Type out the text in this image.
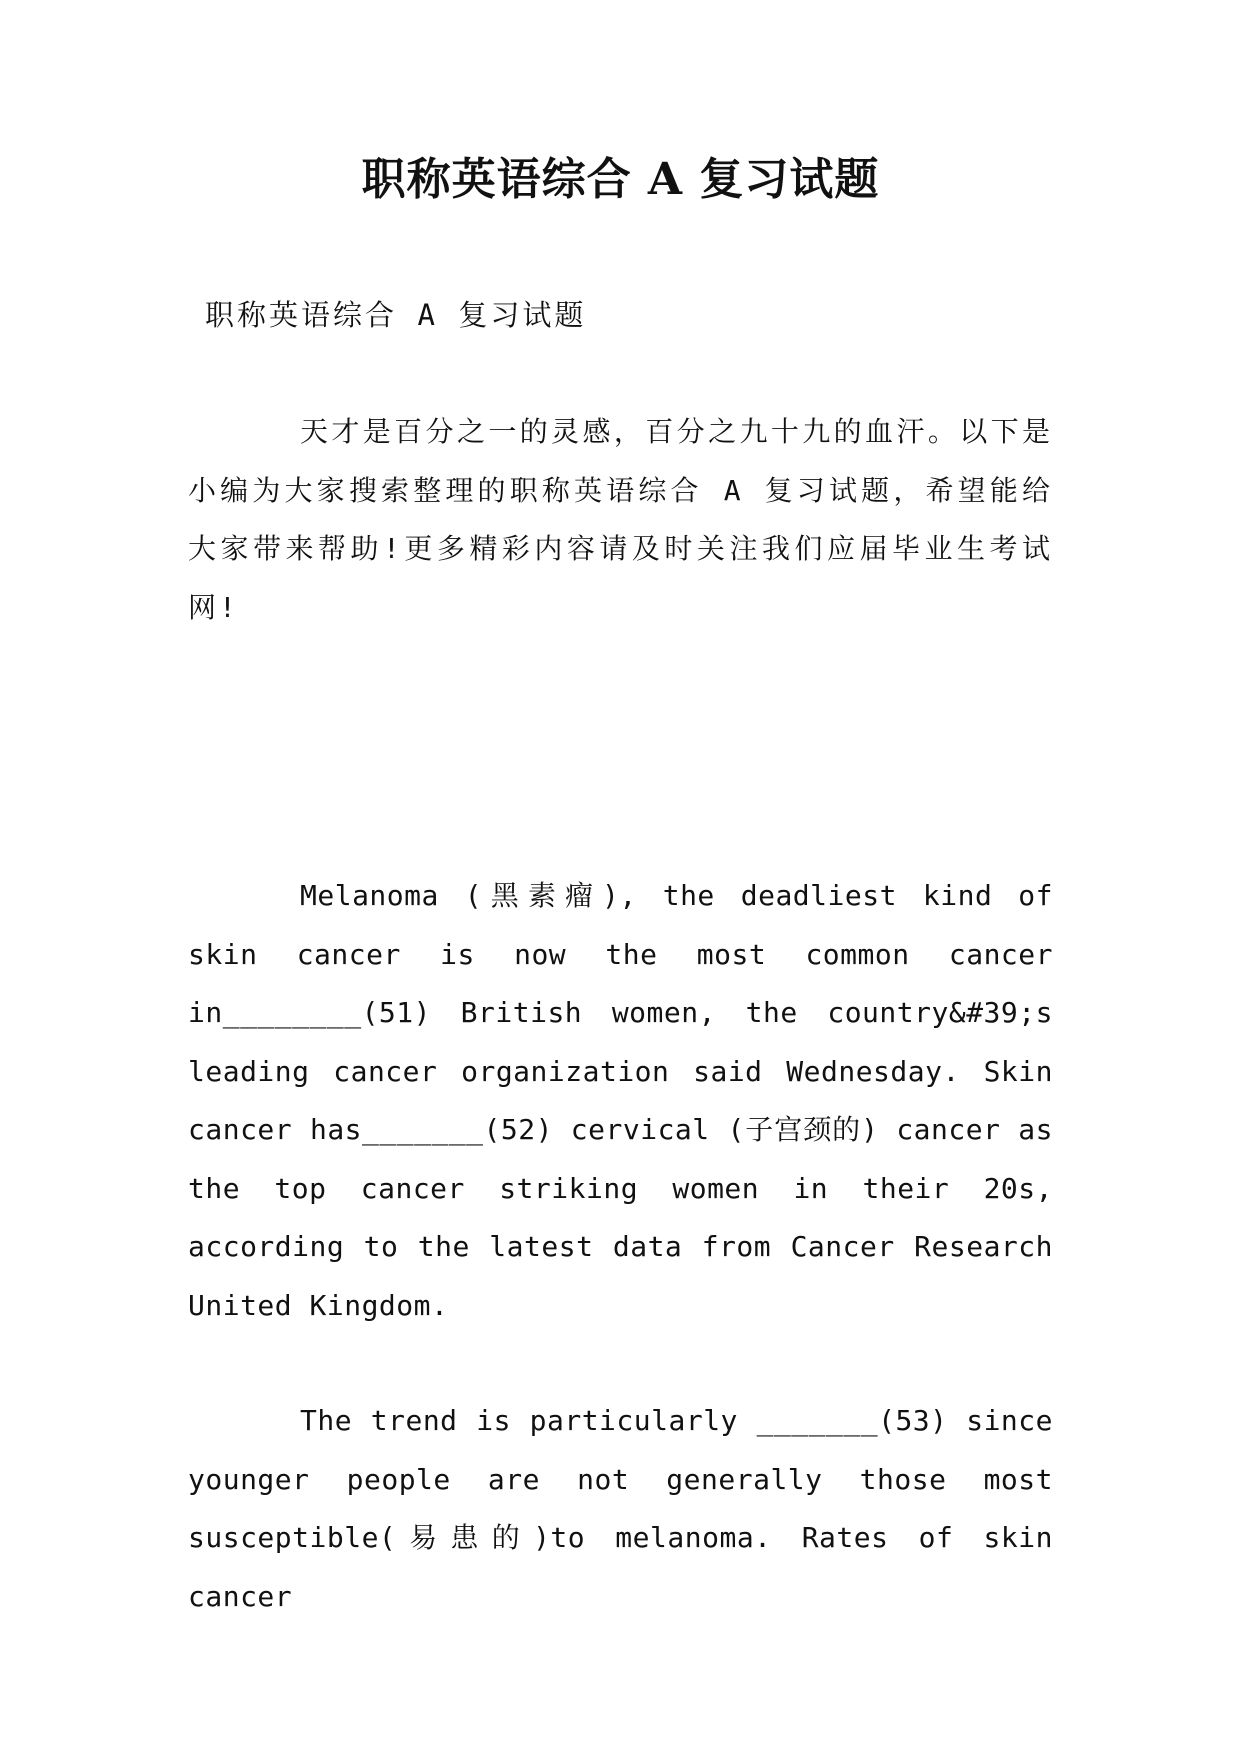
职称英语综合 A 复习试题

职称英语综合 A 复习试题

天才是百分之一的灵感，百分之九十九的血汗。以下是小编为大家搜索整理的职称英语综合 A 复习试题，希望能给大家带来帮助!更多精彩内容请及时关注我们应届毕业生考试网!

Melanoma (黑素瘤), the deadliest kind of skin cancer is now the most common cancer in________(51) British women, the country&#39;s leading cancer organization said Wednesday. Skin cancer has_______(52) cervical (子宫颈的) cancer as the top cancer striking women in their 20s, according to the latest data from Cancer Research United Kingdom.

The trend is particularly _______(53) since younger people are not generally those most susceptible(易患的)to melanoma. Rates of skin cancer
